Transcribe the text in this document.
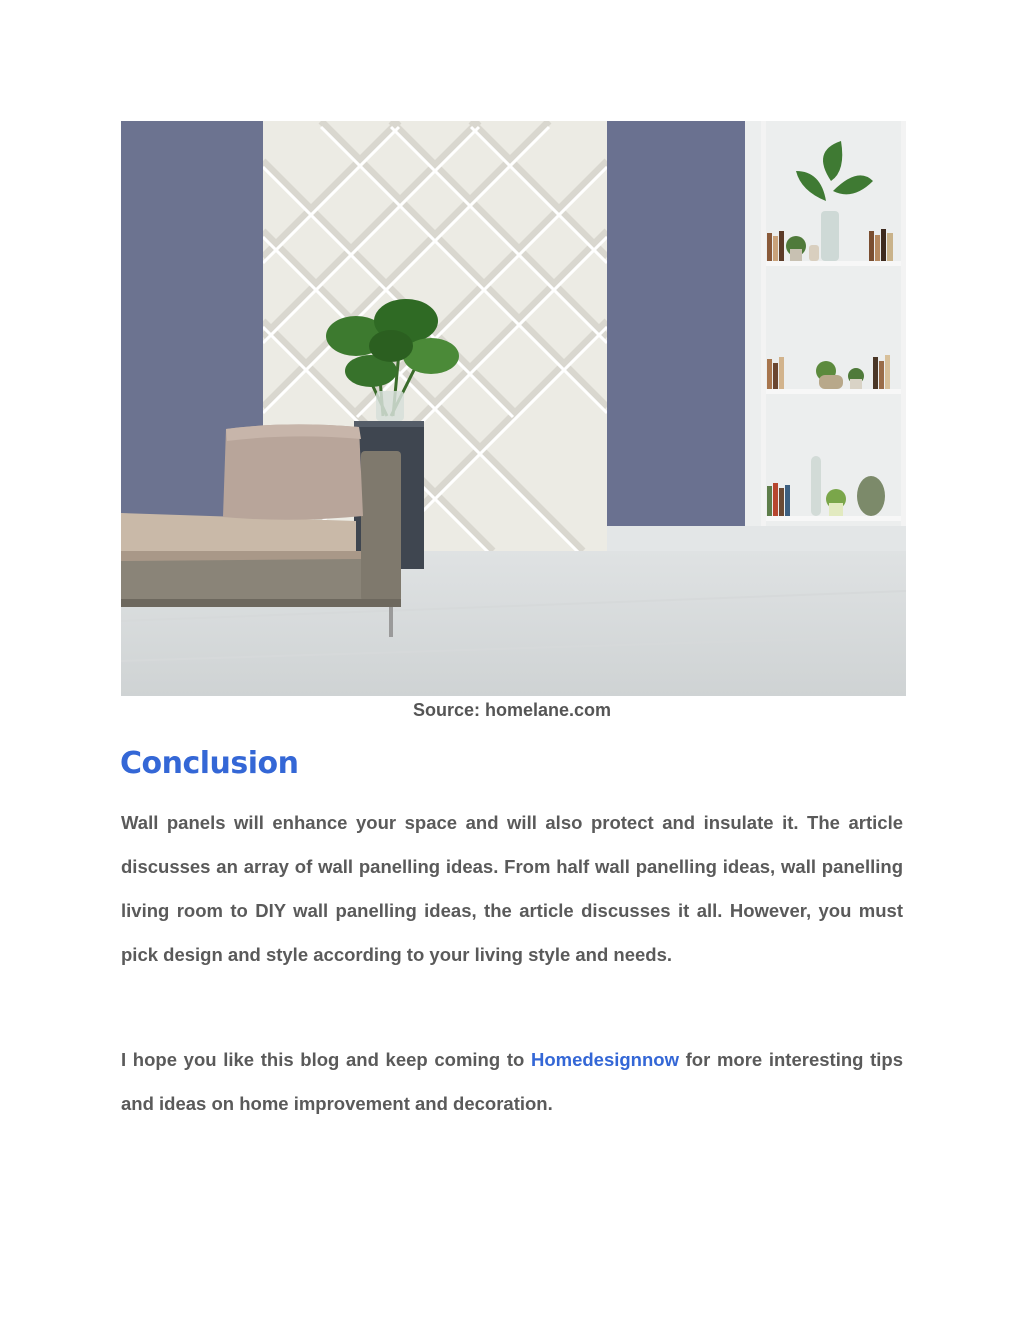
Source: homelane.com
Conclusion

Wall panels will enhance your space and will also protect and insulate it. The article discusses an array of wall panelling ideas. From half wall panelling ideas, wall panelling living room to DIY wall panelling ideas, the article discusses it all. However, you must pick design and style according to your living style and needs.

I hope you like this blog and keep coming to Homedesignnow for more interesting tips and ideas on home improvement and decoration.
